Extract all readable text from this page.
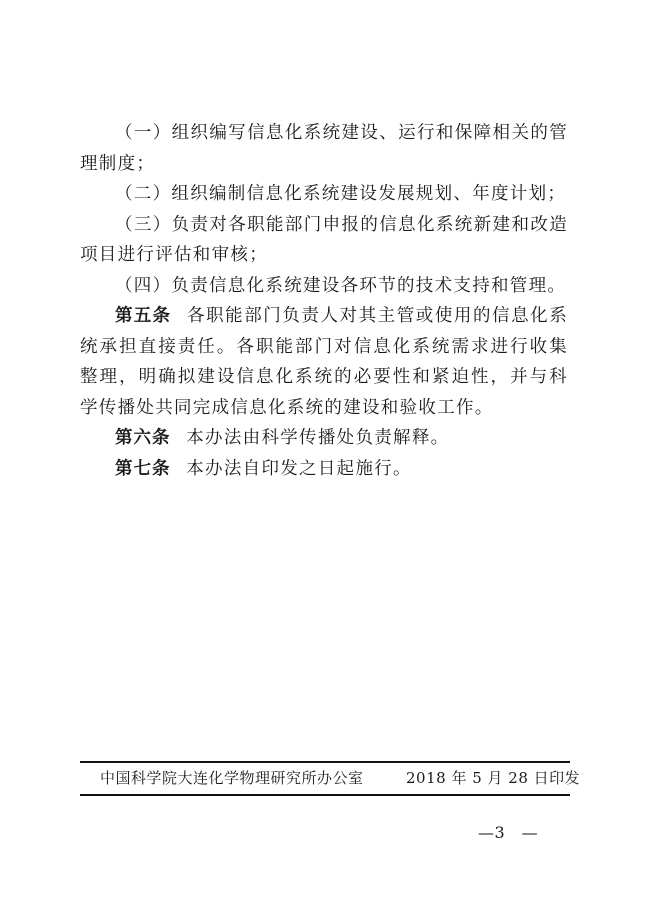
（一）组织编写信息化系统建设、运行和保障相关的管理制度；

（二）组织编制信息化系统建设发展规划、年度计划；

（三）负责对各职能部门申报的信息化系统新建和改造项目进行评估和审核；

（四）负责信息化系统建设各环节的技术支持和管理。

第五条 各职能部门负责人对其主管或使用的信息化系统承担直接责任。各职能部门对信息化系统需求进行收集整理，明确拟建设信息化系统的必要性和紧迫性，并与科学传播处共同完成信息化系统的建设和验收工作。

第六条 本办法由科学传播处负责解释。

第七条 本办法自印发之日起施行。

中国科学院大连化学物理研究所办公室	2018 年 5 月 28 日印发
—3　—
